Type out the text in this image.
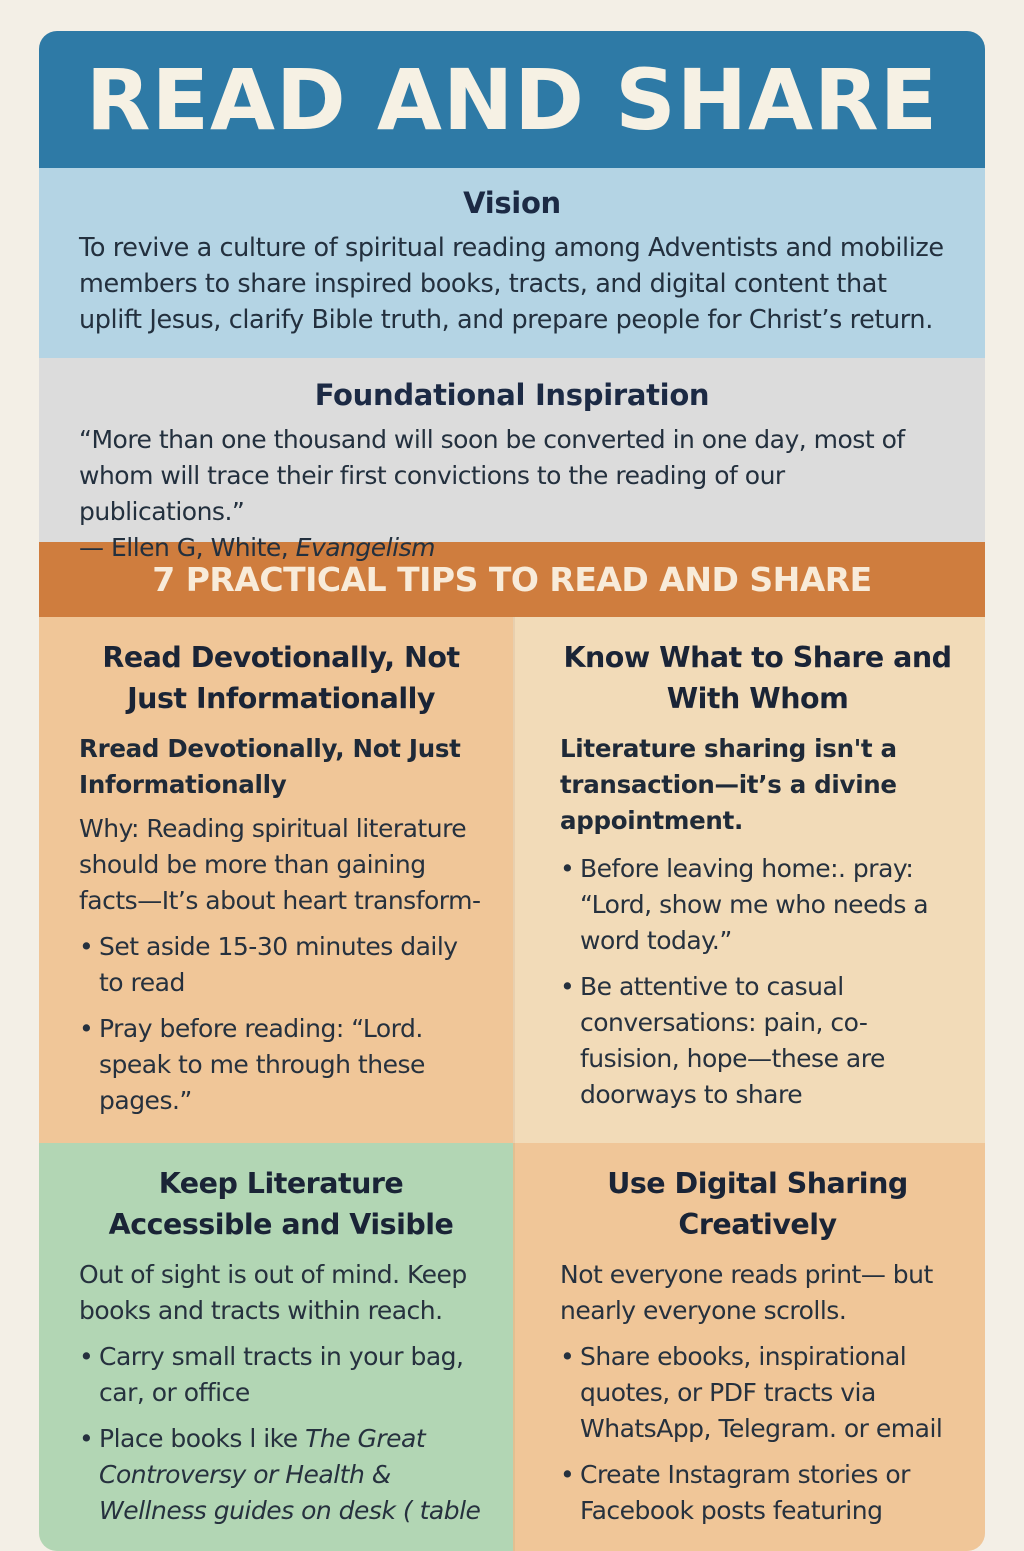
READ AND SHARE
Vision
To revive a culture of spiritual reading among Adventists and mobilize members to share inspired books, tracts, and digital content that uplift Jesus, clarify Bible truth, and prepare people for Christ’s return.
Foundational Inspiration
“More than one thousand will soon be converted in one day, most of whom will trace their first convictions to the reading of our publications.”
— Ellen G, White, Evangelism
7 PRACTICAL TIPS TO READ AND SHARE
Read Devotionally, Not Just Informationally
Rread Devotionally, Not Just Informationally
Why: Reading spiritual literature should be more than gaining facts—It’s about heart transform-
• Set aside 15-30 minutes daily to read
• Pray before reading: “Lord. speak to me through these pages.”
Know What to Share and With Whom
Literature sharing isn't a transaction—it’s a divine appointment.
• Before leaving home:. pray: “Lord, show me who needs a word today.”
• Be attentive to casual conversations: pain, co-fusision, hope—these are doorways to share
Keep Literature Accessible and Visible
Out of sight is out of mind. Keep books and tracts within reach.
• Carry small tracts in your bag, car, or office
• Place books l ike The Great Controversy or Health & Wellness guides on desk ( table
Use Digital Sharing Creatively
Not everyone reads print— but nearly everyone scrolls.
• Share ebooks, inspirational quotes, or PDF tracts via WhatsApp, Telegram. or email
• Create Instagram stories or Facebook posts featuring
